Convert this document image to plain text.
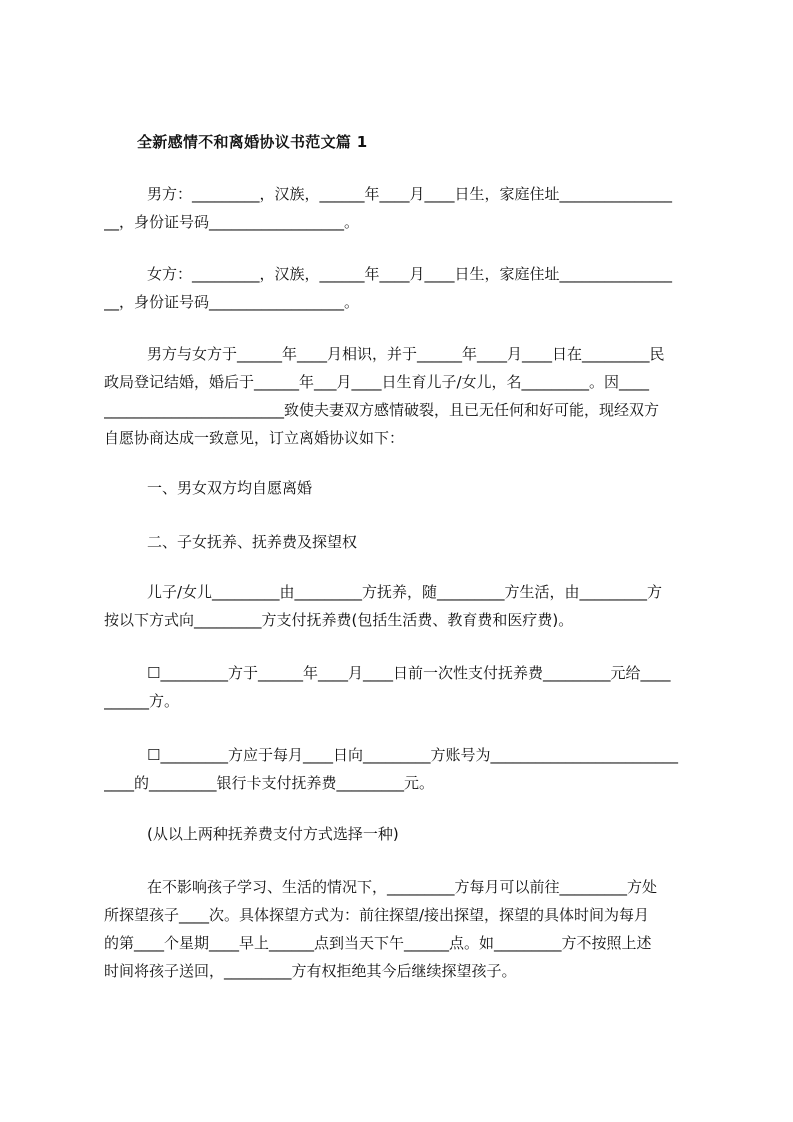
全新感情不和离婚协议书范文篇 1
男方：_________，汉族，______年____月____日生，家庭住址_______________
__，身份证号码__________________。
女方：_________，汉族，______年____月____日生，家庭住址_______________
__，身份证号码__________________。
男方与女方于______年____月相识，并于______年____月____日在_________民
政局登记结婚，婚后于______年___月____日生育儿子/女儿，名_________。因____
________________________致使夫妻双方感情破裂，且已无任何和好可能，现经双方
自愿协商达成一致意见，订立离婚协议如下：
一、男女双方均自愿离婚
二、子女抚养、抚养费及探望权
儿子/女儿_________由_________方抚养，随_________方生活，由_________方
按以下方式向_________方支付抚养费(包括生活费、教育费和医疗费)。
☐_________方于______年____月____日前一次性支付抚养费_________元给____
______方。
☐_________方应于每月____日向_________方账号为_________________________
____的_________银行卡支付抚养费_________元。
(从以上两种抚养费支付方式选择一种)
在不影响孩子学习、生活的情况下，_________方每月可以前往_________方处
所探望孩子____次。具体探望方式为：前往探望/接出探望，探望的具体时间为每月
的第____个星期____早上______点到当天下午______点。如_________方不按照上述
时间将孩子送回，_________方有权拒绝其今后继续探望孩子。
